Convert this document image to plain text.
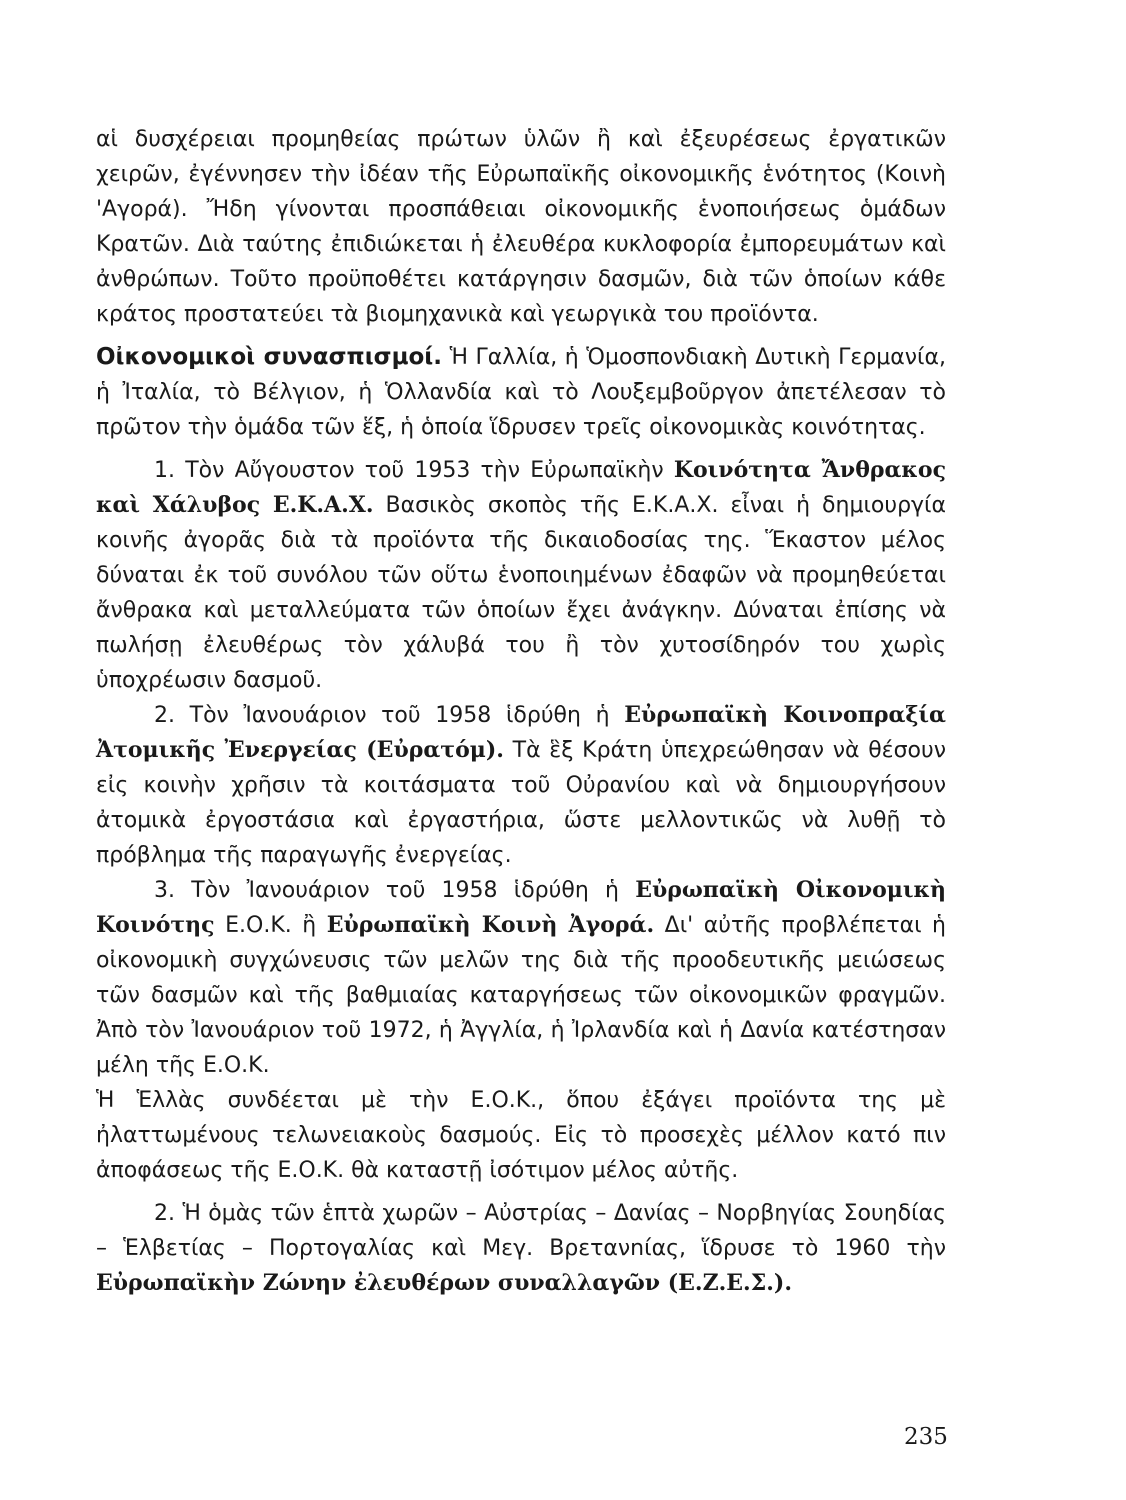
αἱ δυσχέρειαι προμηθείας πρώτων ὑλῶν ἢ καὶ ἐξευρέσεως ἐργατικῶν χειρῶν, ἐγέννησεν τὴν ἰδέαν τῆς Εὐρωπαϊκῆς οἰκονομικῆς ἑνότητος (Κοινὴ 'Αγορά). Ἤδη γίνονται προσπάθειαι οἰκονομικῆς ἑνοποιήσεως ὁμάδων Κρατῶν. Διὰ ταύτης ἐπιδιώκεται ἡ ἐλευθέρα κυκλοφορία ἐμπορευμάτων καὶ ἀνθρώπων. Τοῦτο προϋποθέτει κατάργησιν δασμῶν, διὰ τῶν ὁποίων κάθε κράτος προστατεύει τὰ βιομηχανικὰ καὶ γεωργικὰ του προϊόντα.

Οἰκονομικοὶ συνασπισμοί. Ἡ Γαλλία, ἡ Ὁμοσπονδιακὴ Δυτικὴ Γερμανία, ἡ Ἰταλία, τὸ Βέλγιον, ἡ Ὁλλανδία καὶ τὸ Λουξεμβοῦργον ἀπετέλεσαν τὸ πρῶτον τὴν ὁμάδα τῶν ἕξ, ἡ ὁποία ἵδρυσεν τρεῖς οἰκονομικὰς κοινότητας.

1. Τὸν Αὔγουστον τοῦ 1953 τὴν Εὐρωπαϊκὴν Κοινότητα Ἄνθρακος καὶ Χάλυβος Ε.Κ.Α.Χ. Βασικὸς σκοπὸς τῆς Ε.Κ.Α.Χ. εἶναι ἡ δημιουργία κοινῆς ἀγορᾶς διὰ τὰ προϊόντα τῆς δικαιοδοσίας της. Ἕκαστον μέλος δύναται ἐκ τοῦ συνόλου τῶν οὕτω ἑνοποιημένων ἐδαφῶν νὰ προμηθεύεται ἄνθρακα καὶ μεταλλεύματα τῶν ὁποίων ἔχει ἀνάγκην. Δύναται ἐπίσης νὰ πωλήσῃ ἐλευθέρως τὸν χάλυβά του ἢ τὸν χυτοσίδηρόν του χωρὶς ὑποχρέωσιν δασμοῦ.

2. Τὸν Ἰανουάριον τοῦ 1958 ἱδρύθη ἡ Εὐρωπαϊκὴ Κοινοπραξία Ἀτομικῆς Ἐνεργείας (Εὐρατόμ). Τὰ ἓξ Κράτη ὑπεχρεώθησαν νὰ θέσουν εἰς κοινὴν χρῆσιν τὰ κοιτάσματα τοῦ Οὐρανίου καὶ νὰ δημιουργήσουν ἀτομικὰ ἐργοστάσια καὶ ἐργαστήρια, ὥστε μελλοντικῶς νὰ λυθῇ τὸ πρόβλημα τῆς παραγωγῆς ἐνεργείας.

3. Τὸν Ἰανουάριον τοῦ 1958 ἱδρύθη ἡ Εὐρωπαϊκὴ Οἰκονομικὴ Κοινότης Ε.Ο.Κ. ἢ Εὐρωπαϊκὴ Κοινὴ Ἀγορά. Δι' αὐτῆς προβλέπεται ἡ οἰκονομικὴ συγχώνευσις τῶν μελῶν της διὰ τῆς προοδευτικῆς μειώσεως τῶν δασμῶν καὶ τῆς βαθμιαίας καταργήσεως τῶν οἰκονομικῶν φραγμῶν. Ἀπὸ τὸν Ἰανουάριον τοῦ 1972, ἡ Ἀγγλία, ἡ Ἰρλανδία καὶ ἡ Δανία κατέστησαν μέλη τῆς Ε.Ο.Κ.

Ἡ Ἑλλὰς συνδέεται μὲ τὴν Ε.Ο.Κ., ὅπου ἐξάγει προϊόντα της μὲ ἠλαττωμένους τελωνειακοὺς δασμούς. Εἰς τὸ προσεχὲς μέλλον κατό πιν ἀποφάσεως τῆς Ε.Ο.Κ. θὰ καταστῇ ἰσότιμον μέλος αὐτῆς.

2. Ἡ ὁμὰς τῶν ἑπτὰ χωρῶν – Αὐστρίας – Δανίας – Νορβηγίας Σουηδίας – Ἑλβετίας – Πορτογαλίας καὶ Μεγ. Βρετανnίας, ἵδρυσε τὸ 1960 τὴν Εὐρωπαϊκὴν Ζώνην ἐλευθέρων συναλλαγῶν (Ε.Ζ.Ε.Σ.).

235
